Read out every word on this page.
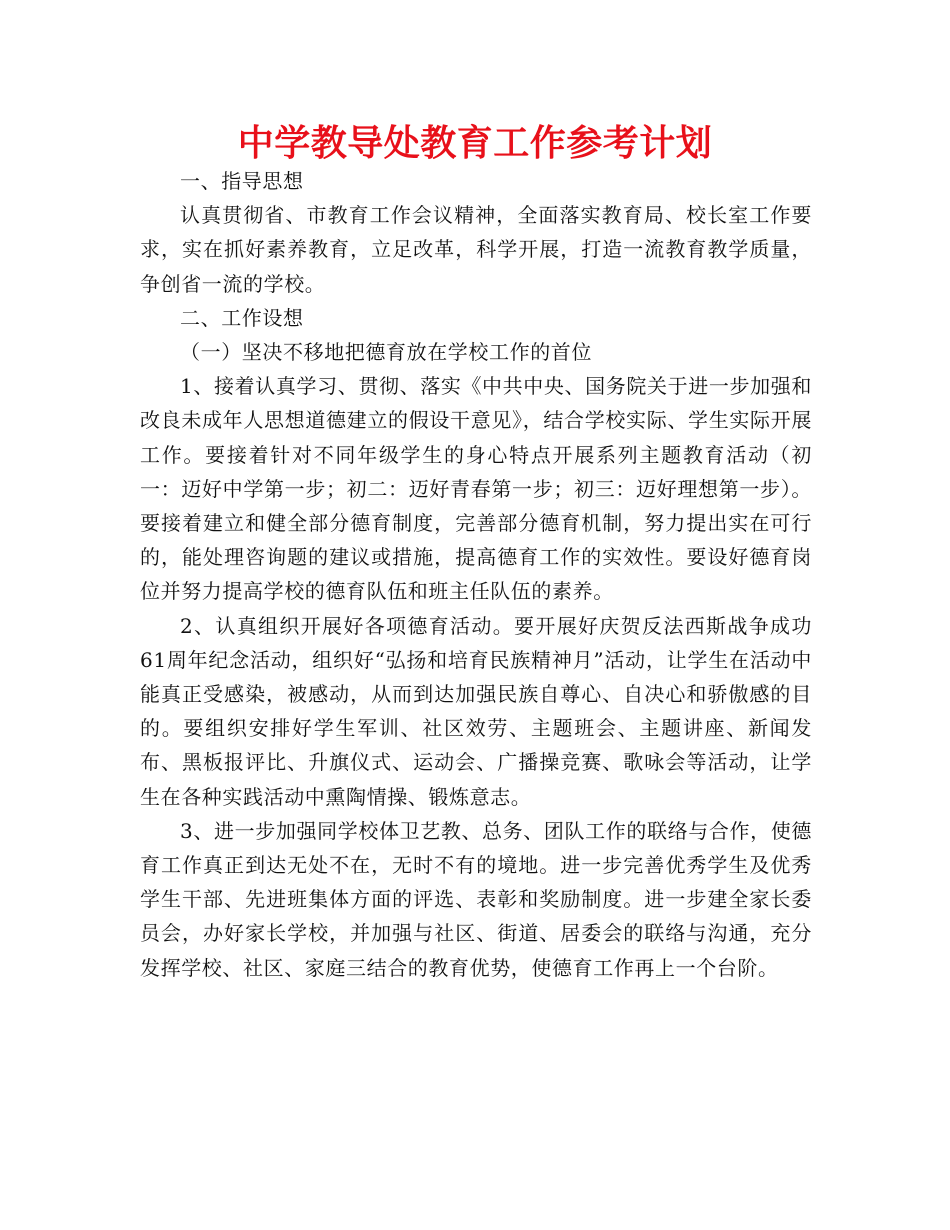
中学教导处教育工作参考计划

一、指导思想

认真贯彻省、市教育工作会议精神，全面落实教育局、校长室工作要求，实在抓好素养教育，立足改革，科学开展，打造一流教育教学质量，争创省一流的学校。

二、工作设想

（一）坚决不移地把德育放在学校工作的首位

1、接着认真学习、贯彻、落实《中共中央、国务院关于进一步加强和改良未成年人思想道德建立的假设干意见》，结合学校实际、学生实际开展工作。要接着针对不同年级学生的身心特点开展系列主题教育活动（初一：迈好中学第一步；初二：迈好青春第一步；初三：迈好理想第一步）。要接着建立和健全部分德育制度，完善部分德育机制，努力提出实在可行的，能处理咨询题的建议或措施，提高德育工作的实效性。要设好德育岗位并努力提高学校的德育队伍和班主任队伍的素养。

2、认真组织开展好各项德育活动。要开展好庆贺反法西斯战争成功61周年纪念活动，组织好“弘扬和培育民族精神月”活动，让学生在活动中能真正受感染，被感动，从而到达加强民族自尊心、自决心和骄傲感的目的。要组织安排好学生军训、社区效劳、主题班会、主题讲座、新闻发布、黑板报评比、升旗仪式、运动会、广播操竞赛、歌咏会等活动，让学生在各种实践活动中熏陶情操、锻炼意志。

3、进一步加强同学校体卫艺教、总务、团队工作的联络与合作，使德育工作真正到达无处不在，无时不有的境地。进一步完善优秀学生及优秀学生干部、先进班集体方面的评选、表彰和奖励制度。进一步建全家长委员会，办好家长学校，并加强与社区、街道、居委会的联络与沟通，充分发挥学校、社区、家庭三结合的教育优势，使德育工作再上一个台阶。
